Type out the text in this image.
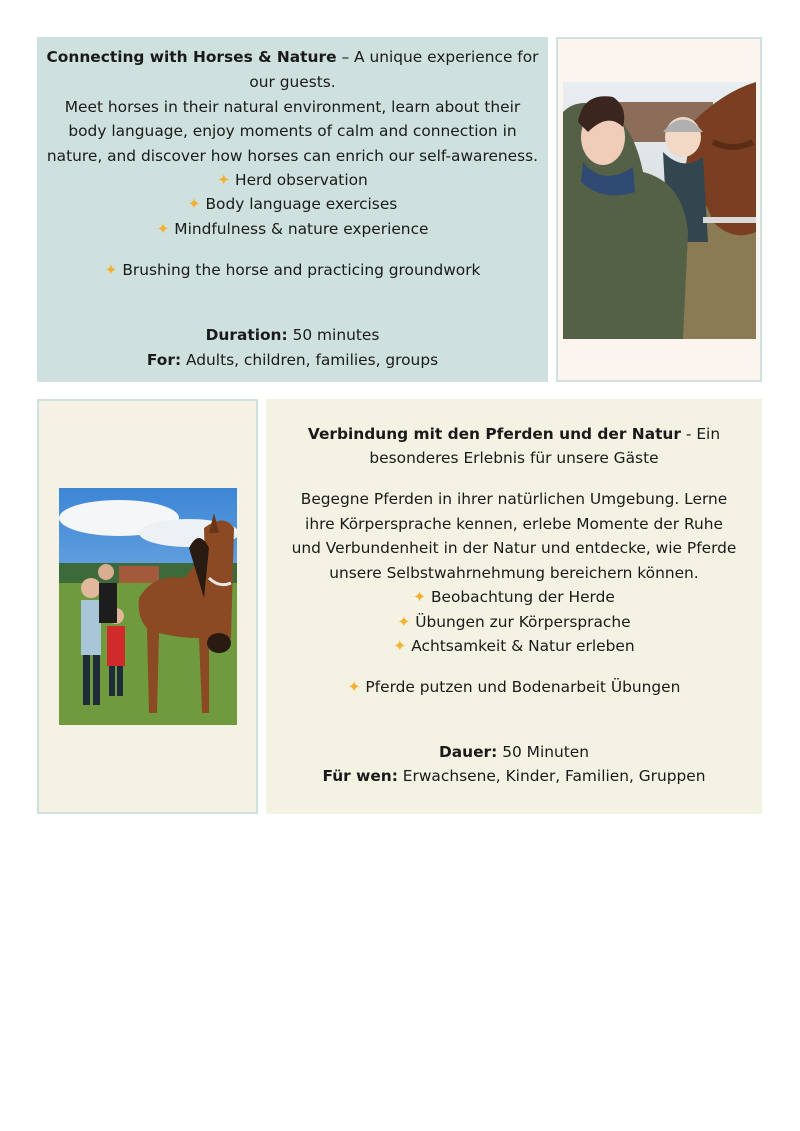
Connecting with Horses & Nature – A unique experience for
our guests.
Meet horses in their natural environment, learn about their
body language, enjoy moments of calm and connection in
nature, and discover how horses can enrich our self-awareness.
✦ Herd observation
✦ Body language exercises
✦ Mindfulness & nature experience
✦ Brushing the horse and practicing groundwork
Duration: 50 minutes
For: Adults, children, families, groups
Verbindung mit den Pferden und der Natur - Ein
besonderes Erlebnis für unsere Gäste
Begegne Pferden in ihrer natürlichen Umgebung. Lerne
ihre Körpersprache kennen, erlebe Momente der Ruhe
und Verbundenheit in der Natur und entdecke, wie Pferde
unsere Selbstwahrnehmung bereichern können.
✦ Beobachtung der Herde
✦ Übungen zur Körpersprache
✦ Achtsamkeit & Natur erleben
✦ Pferde putzen und Bodenarbeit Übungen
Dauer: 50 Minuten
Für wen: Erwachsene, Kinder, Familien, Gruppen
